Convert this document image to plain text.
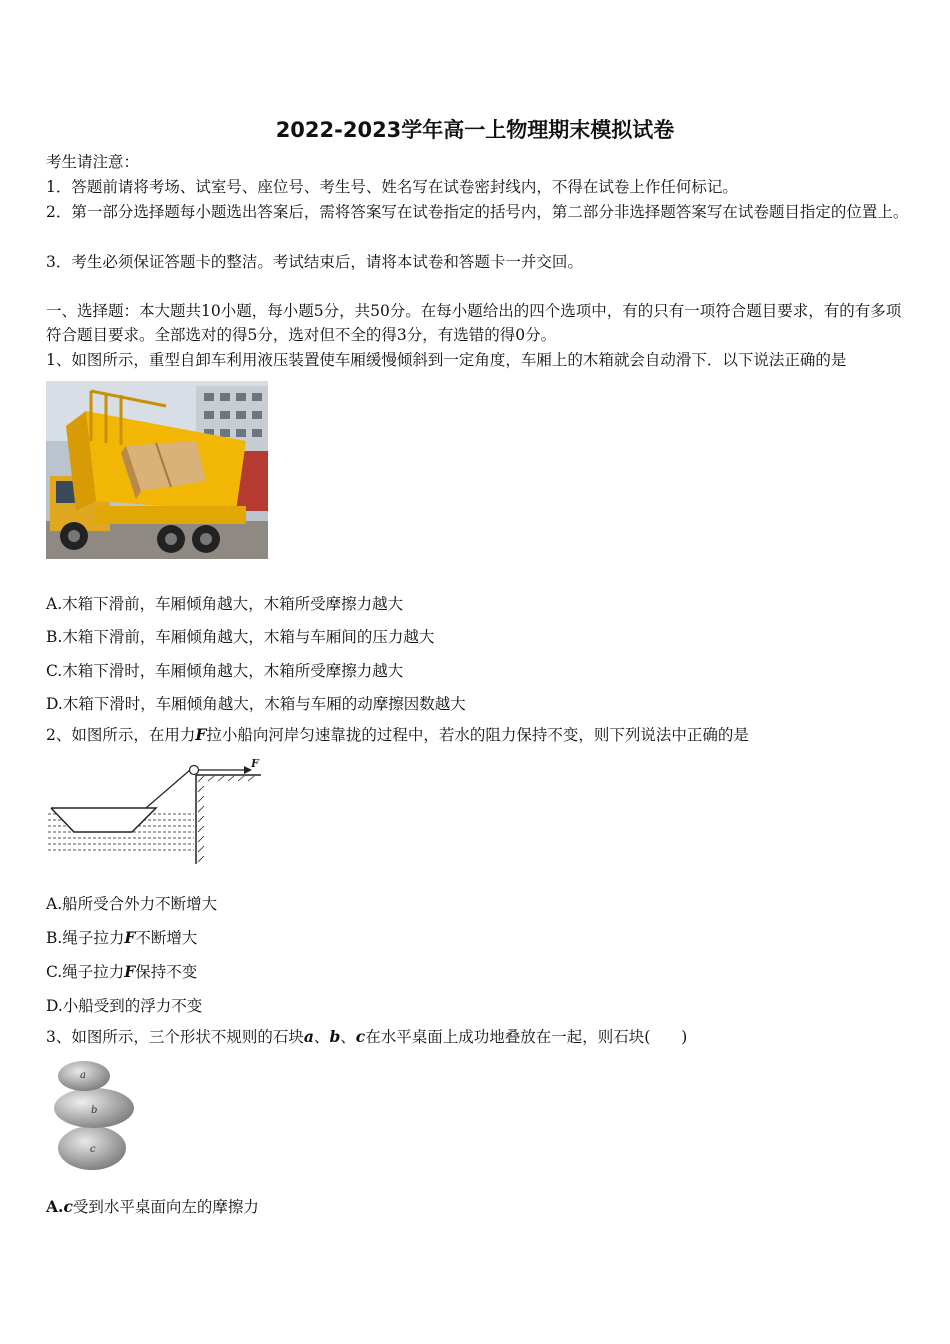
2022-2023学年高一上物理期末模拟试卷
考生请注意：
1．答题前请将考场、试室号、座位号、考生号、姓名写在试卷密封线内，不得在试卷上作任何标记。
2．第一部分选择题每小题选出答案后，需将答案写在试卷指定的括号内，第二部分非选择题答案写在试卷题目指定的位置上。
3．考生必须保证答题卡的整洁。考试结束后，请将本试卷和答题卡一并交回。
一、选择题：本大题共10小题，每小题5分，共50分。在每小题给出的四个选项中，有的只有一项符合题目要求，有的有多项符合题目要求。全部选对的得5分，选对但不全的得3分，有选错的得0分。
1、如图所示，重型自卸车利用液压装置使车厢缓慢倾斜到一定角度，车厢上的木箱就会自动滑下．以下说法正确的是
A.木箱下滑前，车厢倾角越大，木箱所受摩擦力越大
B.木箱下滑前，车厢倾角越大，木箱与车厢间的压力越大
C.木箱下滑时，车厢倾角越大，木箱所受摩擦力越大
D.木箱下滑时，车厢倾角越大，木箱与车厢的动摩擦因数越大
2、如图所示，在用力F拉小船向河岸匀速靠拢的过程中，若水的阻力保持不变，则下列说法中正确的是
F
A.船所受合外力不断增大
B.绳子拉力F不断增大
C.绳子拉力F保持不变
D.小船受到的浮力不变
3、如图所示，三个形状不规则的石块a、b、c在水平桌面上成功地叠放在一起，则石块(　　)
a
b
c
A.c受到水平桌面向左的摩擦力
